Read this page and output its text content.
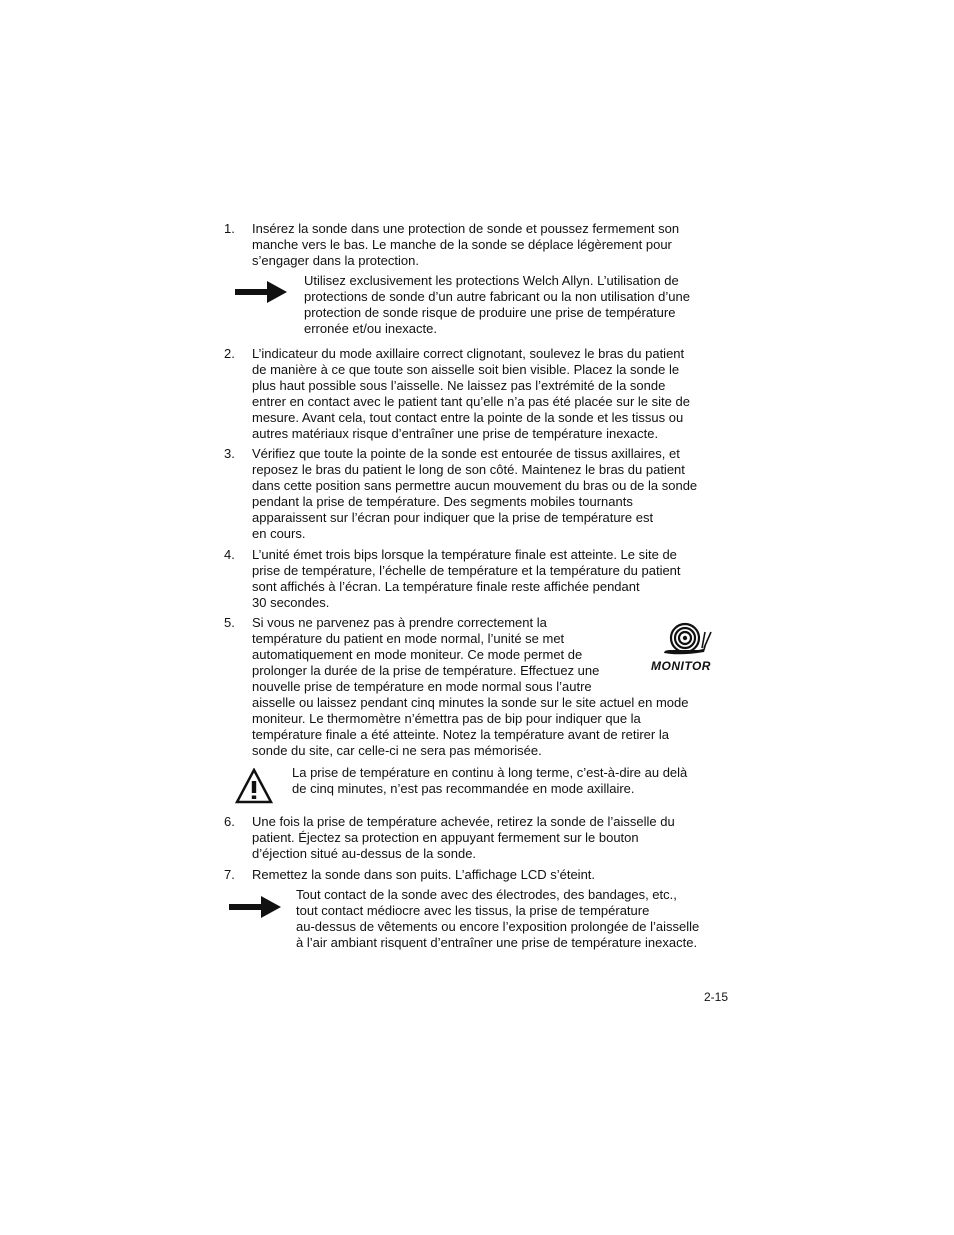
1. Insérez la sonde dans une protection de sonde et poussez fermement son
manche vers le bas. Le manche de la sonde se déplace légèrement pour
s’engager dans la protection.
Utilisez exclusivement les protections Welch Allyn. L’utilisation de
protections de sonde d’un autre fabricant ou la non utilisation d’une
protection de sonde risque de produire une prise de température
erronée et/ou inexacte.
2. L’indicateur du mode axillaire correct clignotant, soulevez le bras du patient
de manière à ce que toute son aisselle soit bien visible. Placez la sonde le
plus haut possible sous l’aisselle. Ne laissez pas l’extrémité de la sonde
entrer en contact avec le patient tant qu’elle n’a pas été placée sur le site de
mesure. Avant cela, tout contact entre la pointe de la sonde et les tissus ou
autres matériaux risque d’entraîner une prise de température inexacte.
3. Vérifiez que toute la pointe de la sonde est entourée de tissus axillaires, et
reposez le bras du patient le long de son côté. Maintenez le bras du patient
dans cette position sans permettre aucun mouvement du bras ou de la sonde
pendant la prise de température. Des segments mobiles tournants
apparaissent sur l’écran pour indiquer que la prise de température est
en cours.
4. L’unité émet trois bips lorsque la température finale est atteinte. Le site de
prise de température, l’échelle de température et la température du patient
sont affichés à l’écran. La température finale reste affichée pendant
30 secondes.
5. Si vous ne parvenez pas à prendre correctement la
température du patient en mode normal, l’unité se met
automatiquement en mode moniteur. Ce mode permet de
prolonger la durée de la prise de température. Effectuez une
nouvelle prise de température en mode normal sous l’autre
aisselle ou laissez pendant cinq minutes la sonde sur le site actuel en mode
moniteur. Le thermomètre n’émettra pas de bip pour indiquer que la
température finale a été atteinte. Notez la température avant de retirer la
sonde du site, car celle-ci ne sera pas mémorisée.
MONITOR
La prise de température en continu à long terme, c’est-à-dire au delà
de cinq minutes, n’est pas recommandée en mode axillaire.
6. Une fois la prise de température achevée, retirez la sonde de l’aisselle du
patient. Éjectez sa protection en appuyant fermement sur le bouton
d’éjection situé au-dessus de la sonde.
7. Remettez la sonde dans son puits. L’affichage LCD s’éteint.
Tout contact de la sonde avec des électrodes, des bandages, etc.,
tout contact médiocre avec les tissus, la prise de température
au-dessus de vêtements ou encore l’exposition prolongée de l’aisselle
à l’air ambiant risquent d’entraîner une prise de température inexacte.
2-15
